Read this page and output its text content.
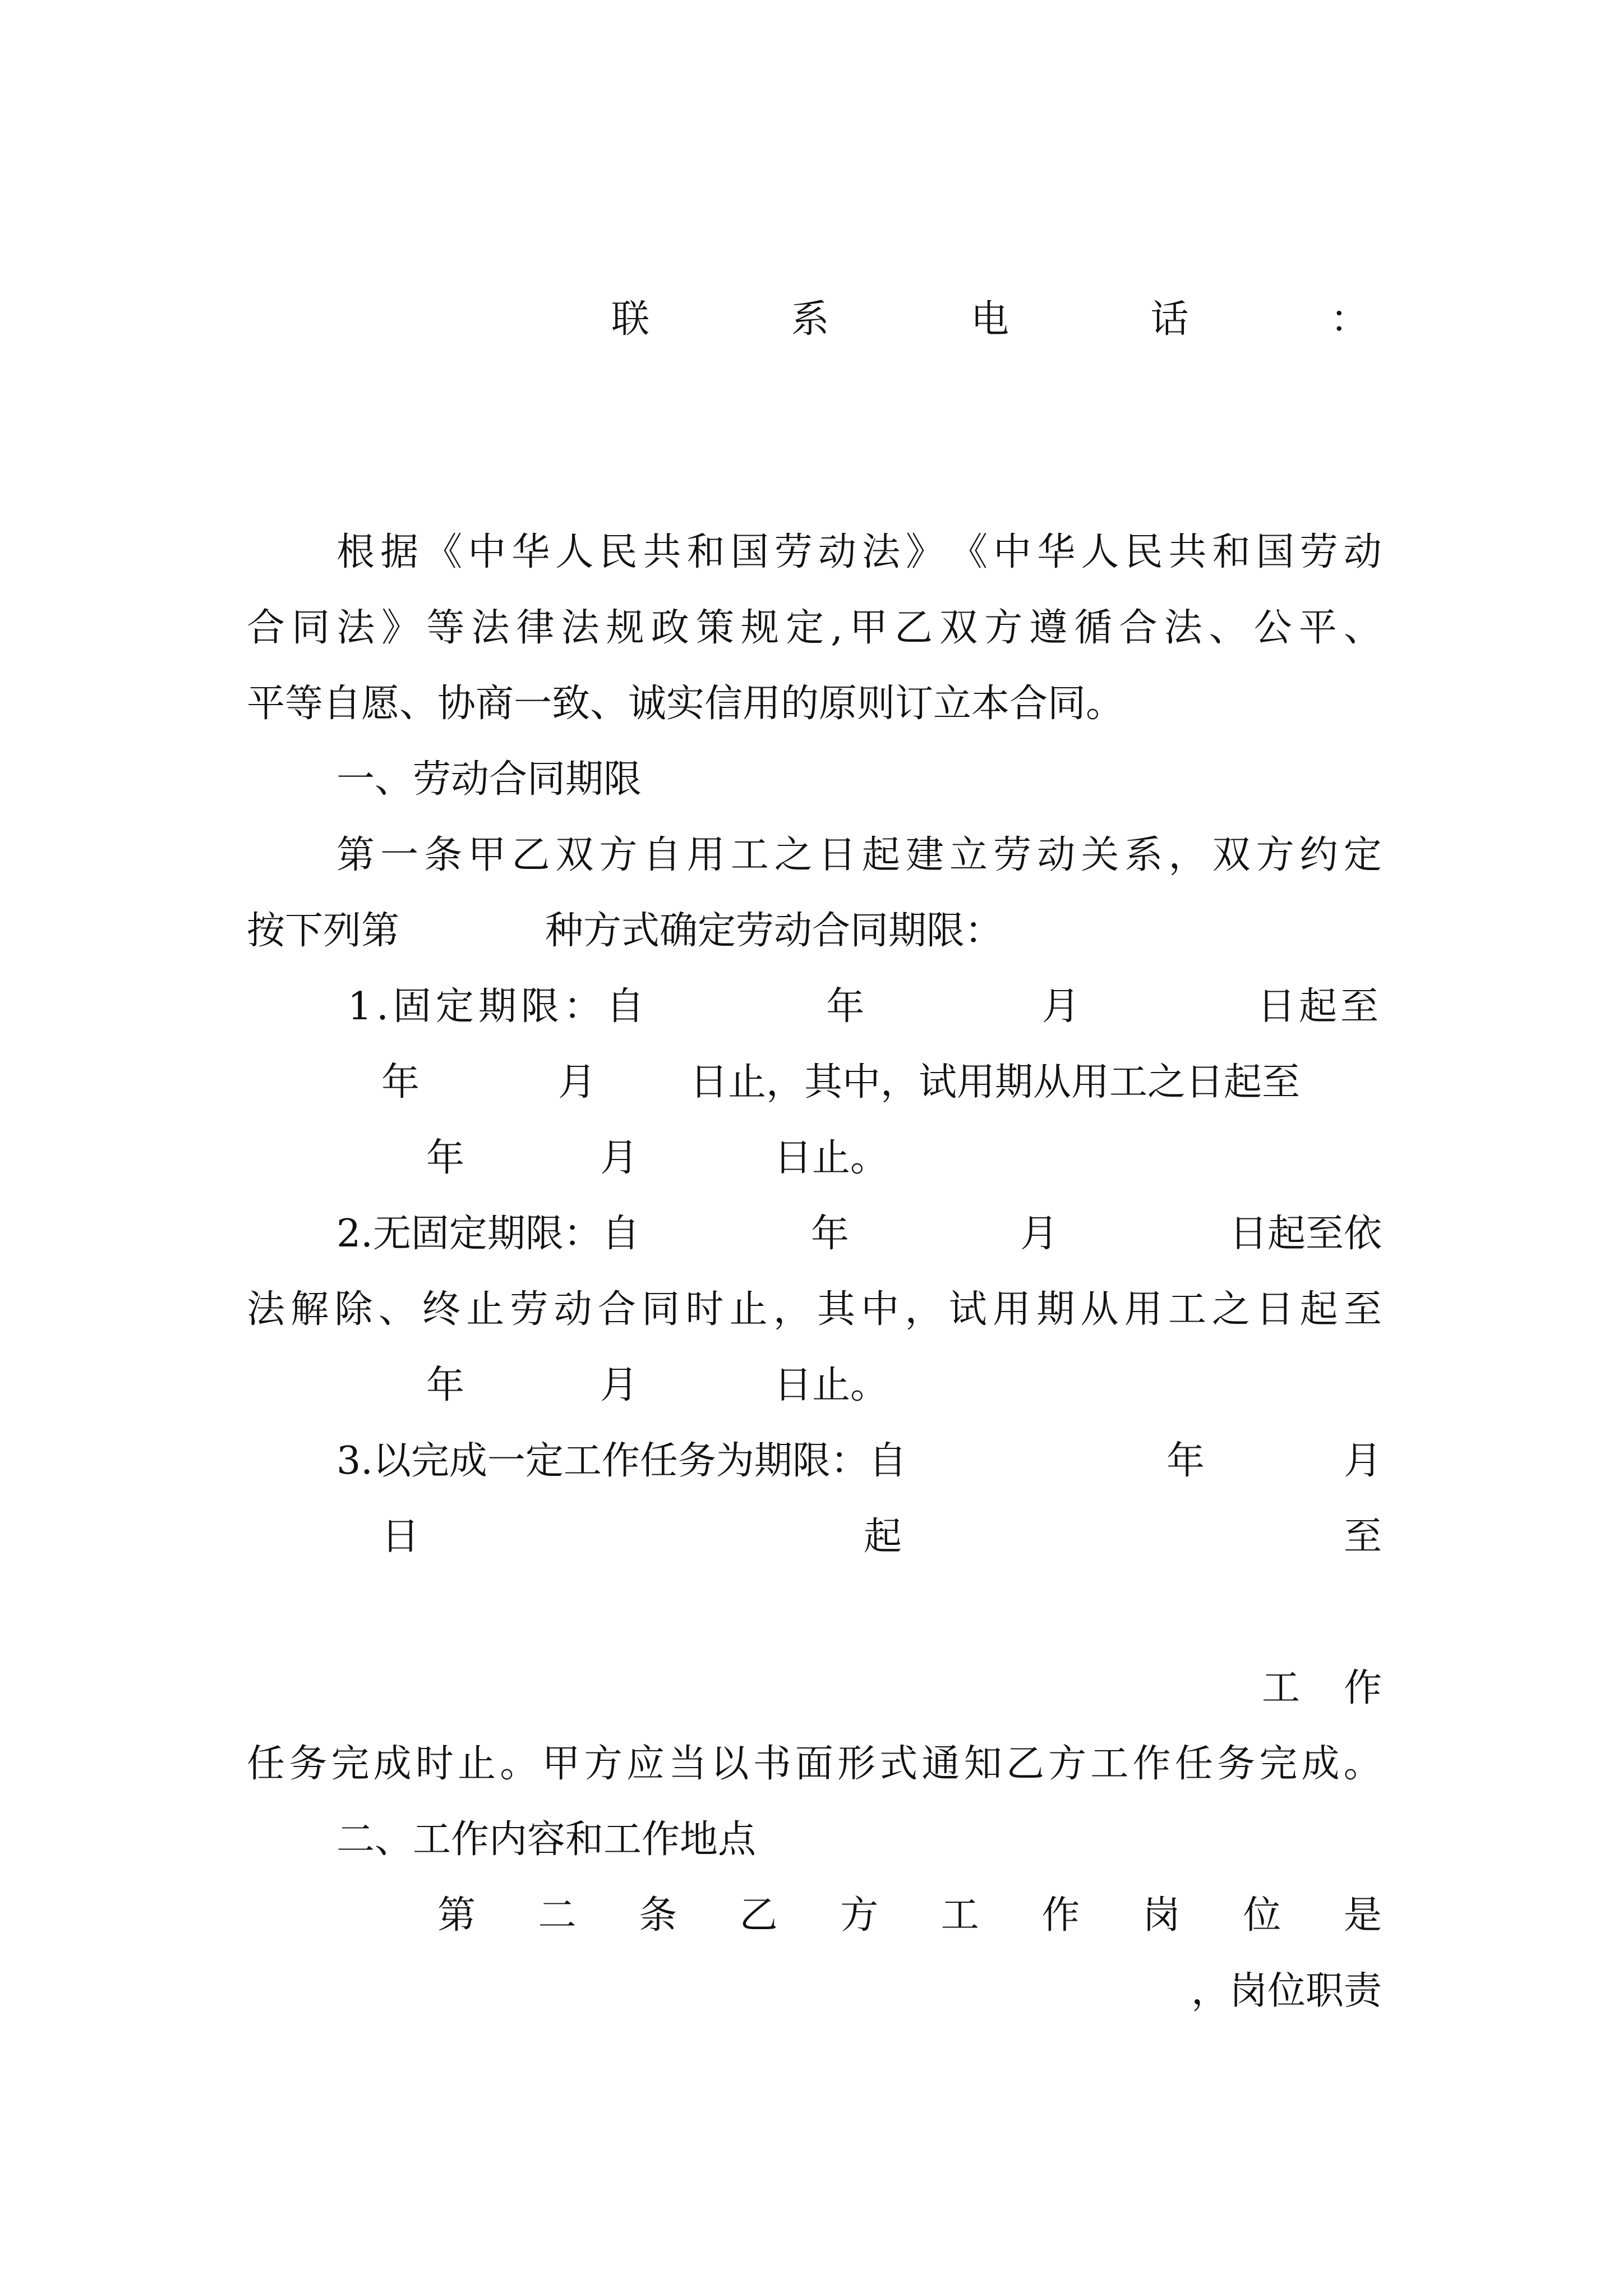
联	系	电	话	：
根 据 《 中 华 人 民 共 和 国 劳 动 法 》 《 中 华 人 民 共 和 国 劳 动
合 同 法 》 等 法 律 法 规 政 策 规 定 , 甲 乙 双 方 遵 循 合 法 、 公 平 、
平等自愿、协商一致、诚实信用的原则订立本合同。
一、劳动合同期限
第 一 条 甲 乙 双 方 自 用 工 之 日 起 建 立 劳 动 关 系 ， 双 方 约 定
按下列第	种方式确定劳动合同期限：
1.固定期限：自	年	月	日起至
年	月 日止，其中，试用期从用工之日起至
年	月	日止。
2.无固定期限：自	年	月	日起至依
法 解 除 、 终 止 劳 动 合 同 时 止 ， 其 中 ， 试 用 期 从 用 工 之 日 起 至
年	月	日止。
3.以完成一定工作任务为期限：自	年	月
日	起	至
工 作
任 务 完 成 时 止 。 甲 方 应 当 以 书 面 形 式 通 知 乙 方 工 作 任 务 完 成 。
二、工作内容和工作地点
第 二 条 乙 方 工 作 岗 位 是
，岗位职责
